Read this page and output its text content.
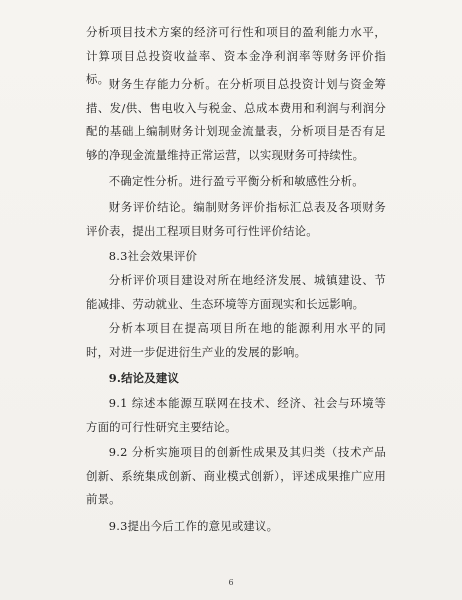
分析项目技术方案的经济可行性和项目的盈利能力水平，计算项目总投资收益率、资本金净利润率等财务评价指标。 财务生存能力分析。在分析项目总投资计划与资金筹措、发/供、售电收入与税金、总成本费用和利润与利润分配的基础上编制财务计划现金流量表，分析项目是否有足够的净现金流量维持正常运营，以实现财务可持续性。
不确定性分析。进行盈亏平衡分析和敏感性分析。
财务评价结论。编制财务评价指标汇总表及各项财务评价表，提出工程项目财务可行性评价结论。
8.3社会效果评价
分析评价项目建设对所在地经济发展、城镇建设、节能减排、劳动就业、生态环境等方面现实和长远影响。
分析本项目在提高项目所在地的能源利用水平的同时，对进一步促进衍生产业的发展的影响。
9.结论及建议
9.1 综述本能源互联网在技术、经济、社会与环境等方面的可行性研究主要结论。
9.2 分析实施项目的创新性成果及其归类（技术产品创新、系统集成创新、商业模式创新），评述成果推广应用前景。
9.3提出今后工作的意见或建议。
6
